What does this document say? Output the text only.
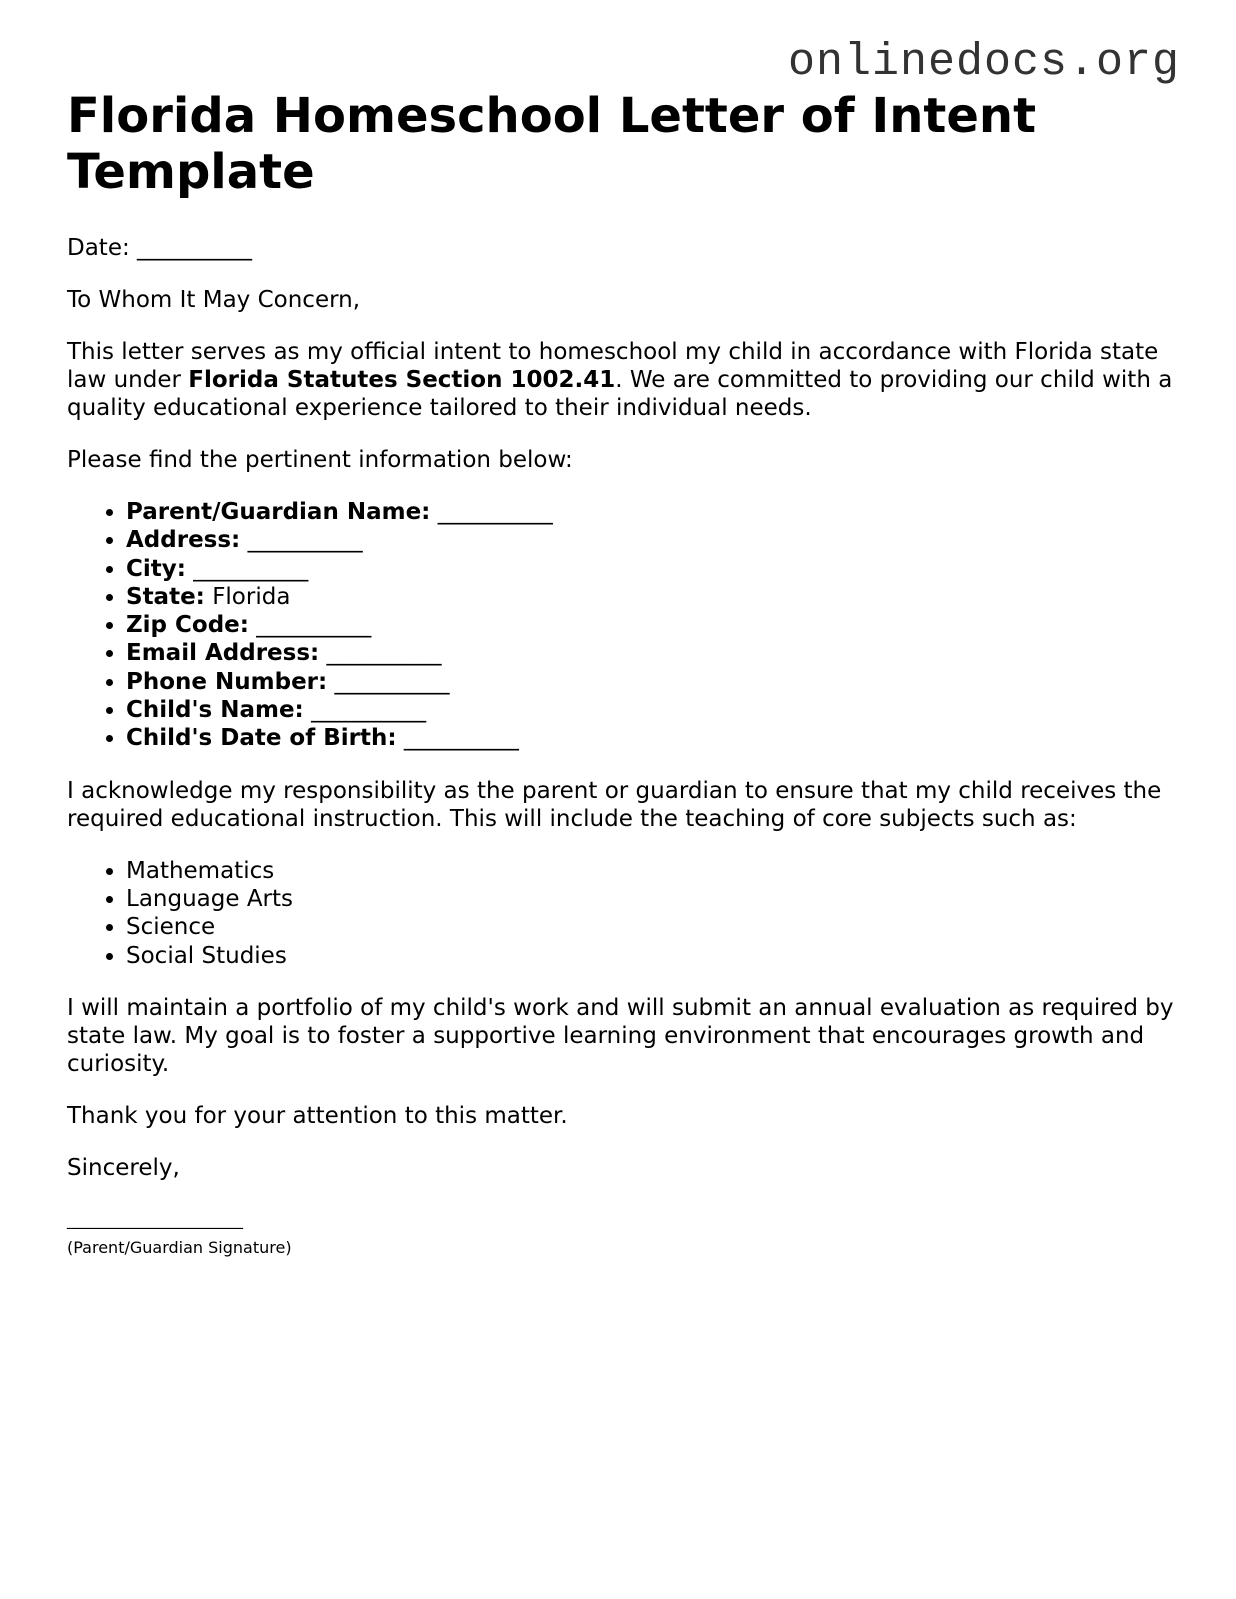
onlinedocs.org
Florida Homeschool Letter of Intent Template

Date: __________

To Whom It May Concern,

This letter serves as my official intent to homeschool my child in accordance with Florida state law under Florida Statutes Section 1002.41. We are committed to providing our child with a quality educational experience tailored to their individual needs.

Please find the pertinent information below:

• Parent/Guardian Name: __________
• Address: __________
• City: __________
• State: Florida
• Zip Code: __________
• Email Address: __________
• Phone Number: __________
• Child's Name: __________
• Child's Date of Birth: __________

I acknowledge my responsibility as the parent or guardian to ensure that my child receives the required educational instruction. This will include the teaching of core subjects such as:

• Mathematics
• Language Arts
• Science
• Social Studies

I will maintain a portfolio of my child's work and will submit an annual evaluation as required by state law. My goal is to foster a supportive learning environment that encourages growth and curiosity.

Thank you for your attention to this matter.

Sincerely,

______________________
(Parent/Guardian Signature)
